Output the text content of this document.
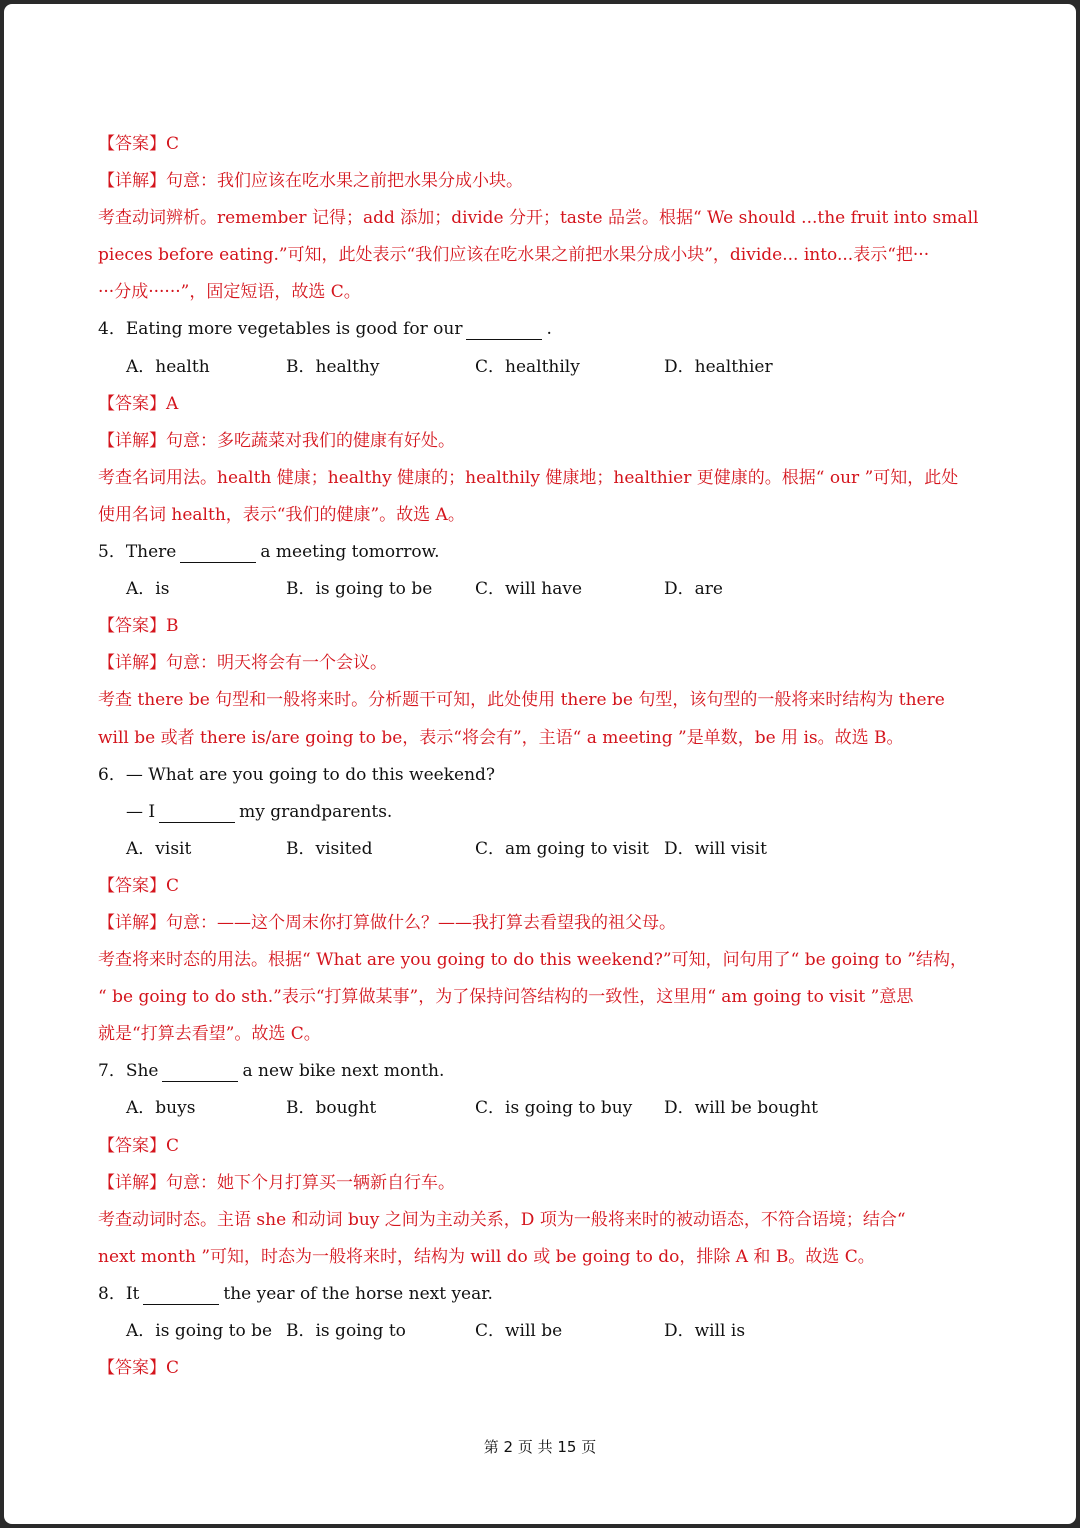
【答案】C
【详解】句意：我们应该在吃水果之前把水果分成小块。
考查动词辨析。remember 记得；add 添加；divide 分开；taste 品尝。根据“ We should ...the fruit into small
pieces before eating.”可知，此处表示“我们应该在吃水果之前把水果分成小块”，divide... into...表示“把···
···分成······”，固定短语，故选 C。
4．Eating more vegetables is good for our	.
A．health	B．healthy	C．healthily	D．healthier
【答案】A
【详解】句意：多吃蔬菜对我们的健康有好处。
考查名词用法。health 健康；healthy 健康的；healthily 健康地；healthier 更健康的。根据“ our ”可知，此处
使用名词 health，表示“我们的健康”。故选 A。
5．There	a meeting tomorrow.
A．is	B．is going to be	C．will have	D．are
【答案】B
【详解】句意：明天将会有一个会议。
考查 there be 句型和一般将来时。分析题干可知，此处使用 there be 句型，该句型的一般将来时结构为 there
will be 或者 there is/are going to be，表示“将会有”，主语“ a meeting ”是单数，be 用 is。故选 B。
6．— What are you going to do this weekend?
— I	my grandparents.
A．visit	B．visited	C．am going to visit D．will visit
【答案】C
【详解】句意：——这个周末你打算做什么？——我打算去看望我的祖父母。
考查将来时态的用法。根据“ What are you going to do this weekend?”可知，问句用了“ be going to ”结构，
“ be going to do sth.”表示“打算做某事”，为了保持问答结构的一致性，这里用“ am going to visit ”意思
就是“打算去看望”。故选 C。
7．She	a new bike next month.
A．buys	B．bought	C．is going to buy	D．will be bought
【答案】C
【详解】句意：她下个月打算买一辆新自行车。
考查动词时态。主语 she 和动词 buy 之间为主动关系，D 项为一般将来时的被动语态，不符合语境；结合“
next month ”可知，时态为一般将来时，结构为 will do 或 be going to do，排除 A 和 B。故选 C。
8．It	the year of the horse next year.
A．is going to be B．is going to	C．will be	D．will is
【答案】C
第 2 页 共 15 页
